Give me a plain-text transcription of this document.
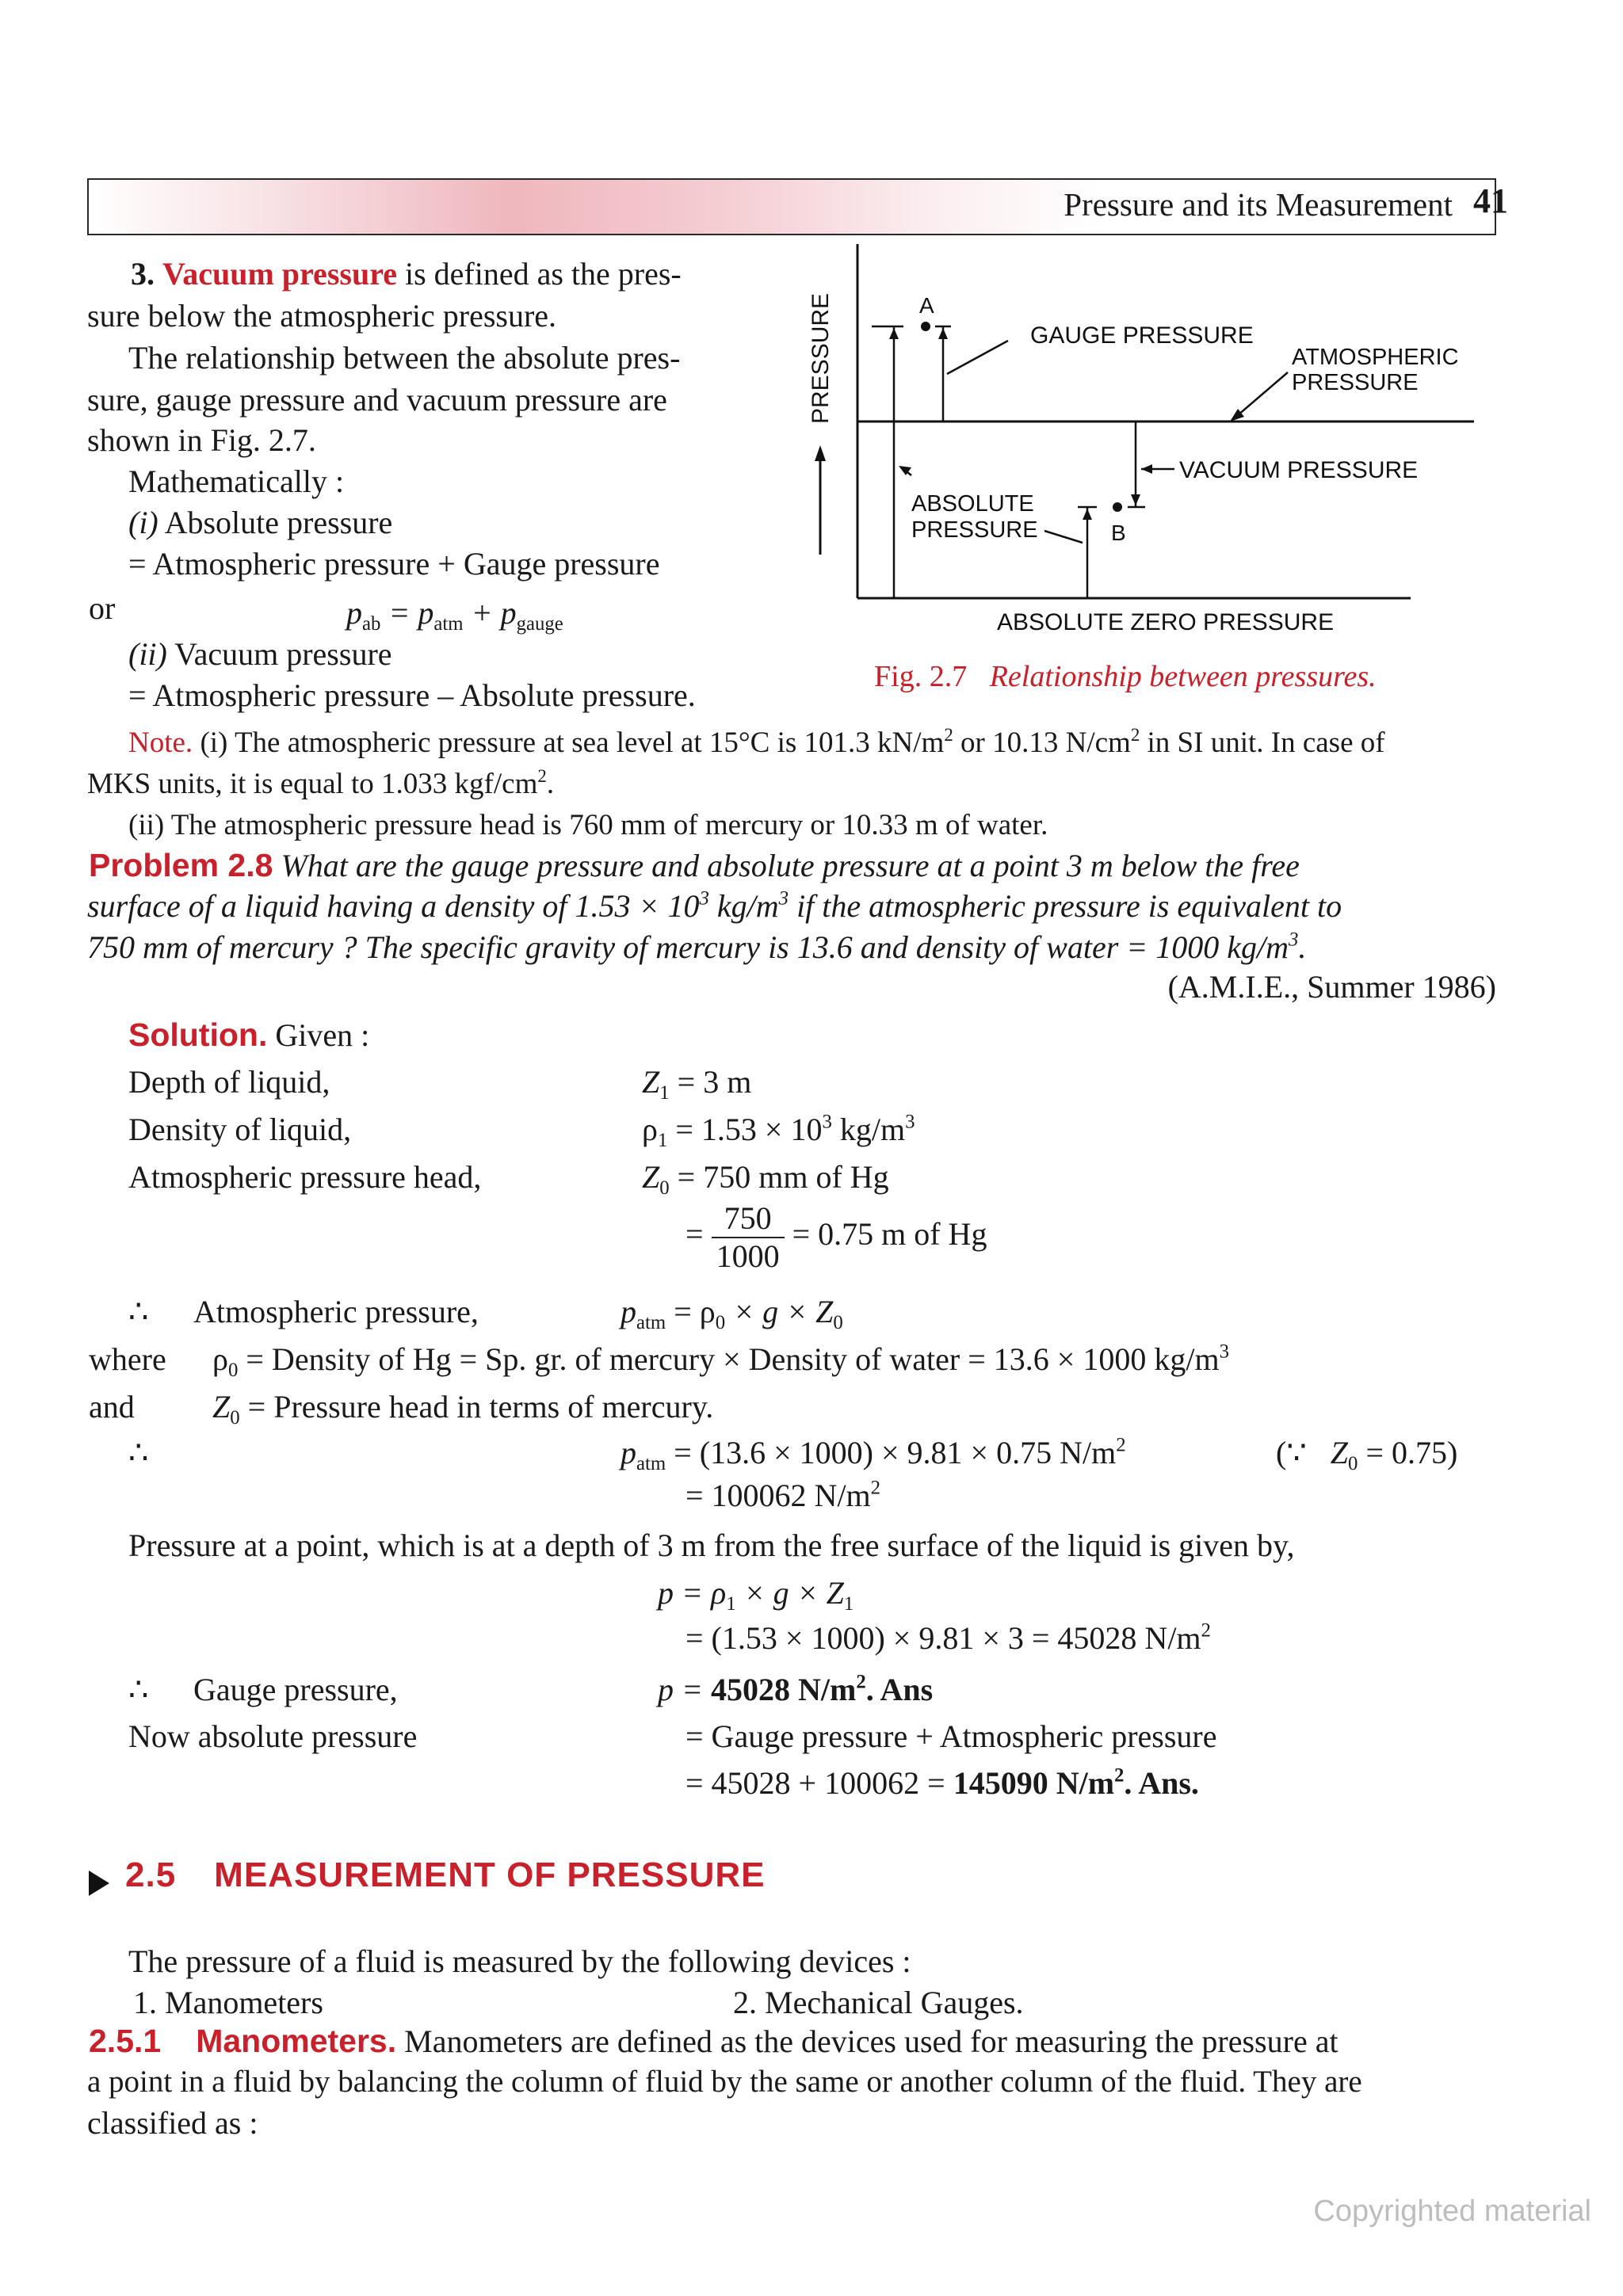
Pressure and its Measurement 41
3. Vacuum pressure is defined as the pres-
sure below the atmospheric pressure.
The relationship between the absolute pres-
sure, gauge pressure and vacuum pressure are
shown in Fig. 2.7.
Mathematically :
(i) Absolute pressure
= Atmospheric pressure + Gauge pressure
or	$p_{ab} = p_{atm} + p_{gauge}$
(ii) Vacuum pressure
= Atmospheric pressure – Absolute pressure.
PRESSURE	A
GAUGE PRESSURE
ATMOSPHERIC
PRESSURE
VACUUM PRESSURE
B
ABSOLUTE
PRESSURE
ABSOLUTE ZERO PRESSURE
Fig. 2.7 Relationship between pressures.
Note. (i) The atmospheric pressure at sea level at 15°C is 101.3 $kN/m^2$ or 10.13 $N/cm^2$ in SI unit. In case of
MKS units, it is equal to 1.033 kgf/$cm^2$.
(ii) The atmospheric pressure head is 760 mm of mercury or 10.33 m of water.
Problem 2.8 What are the gauge pressure and absolute pressure at a point 3 m below the free
surface of a liquid having a density of $1.53 \times 10^3$ $kg/m^3$ if the atmospheric pressure is equivalent to
750 mm of mercury ? The specific gravity of mercury is 13.6 and density of water = 1000 $kg/m^3$.
(A.M.I.E., Summer 1986)
Solution. Given :
Depth of liquid,	$Z_1 = 3$ m
Density of liquid,	$\rho_1 = 1.53 \times 10^3$ $kg/m^3$
Atmospheric pressure head,	$Z_0 = 750$ mm of Hg
= $\frac{750}{1000} = 0.75$ m of Hg
∴ Atmospheric pressure,	$p_{atm} = \rho_0 \times g \times Z_0$
where $\rho_0$ = Density of Hg = Sp. gr. of mercury × Density of water = 13.6 × 1000 $kg/m^3$
and $Z_0$ = Pressure head in terms of mercury.
∴	$p_{atm} = (13.6 \times 1000) \times 9.81 \times 0.75$ $N/m^2$	(∵ $Z_0 = 0.75$)
= 100062 $N/m^2$
Pressure at a point, which is at a depth of 3 m from the free surface of the liquid is given by,
$p = \rho_1 \times g \times Z_1$
= (1.53 × 1000) × 9.81 × 3 = 45028 $N/m^2$
∴ Gauge pressure,	p = 45028 $N/m^2$. Ans
Now absolute pressure	= Gauge pressure + Atmospheric pressure
= 45028 + 100062 = 145090 $N/m^2$. Ans.
2.5 MEASUREMENT OF PRESSURE
The pressure of a fluid is measured by the following devices :
1. Manometers	2. Mechanical Gauges.
2.5.1 Manometers. Manometers are defined as the devices used for measuring the pressure at
a point in a fluid by balancing the column of fluid by the same or another column of the fluid. They are
classified as :
Copyrighted material
